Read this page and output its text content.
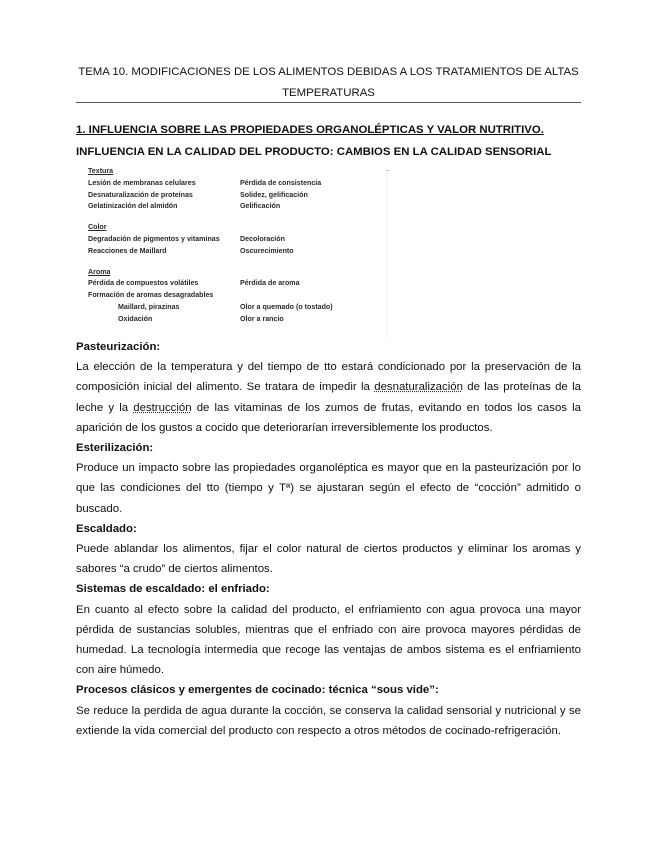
TEMA 10. MODIFICACIONES DE LOS ALIMENTOS DEBIDAS A LOS TRATAMIENTOS DE ALTAS TEMPERATURAS
1. INFLUENCIA SOBRE LAS PROPIEDADES ORGANOLÉPTICAS Y VALOR NUTRITIVO.
INFLUENCIA EN LA CALIDAD DEL PRODUCTO: CAMBIOS EN LA CALIDAD SENSORIAL
Textura
Lesión de membranas celulares	Pérdida de consistencia
Desnaturalización de proteínas	Solidez, gelificación
Gelatinización del almidón	Gelificación
Color
Degradación de pigmentos y vitaminas	Decoloración
Reacciones de Maillard	Oscurecimiento
Aroma
Pérdida de compuestos volátiles	Pérdida de aroma
Formación de aromas desagradables
Maillard, pirazinas	Olor a quemado (o tostado)
Oxidación	Olor a rancio
Pasteurización:

La elección de la temperatura y del tiempo de tto estará condicionado por la preservación de la composición inicial del alimento. Se tratara de impedir la desnaturalización de las proteínas de la leche y la destrucción de las vitaminas de los zumos de frutas, evitando en todos los casos la aparición de los gustos a cocido que deteriorarían irreversiblemente los productos.

Esterilización:

Produce un impacto sobre las propiedades organoléptica es mayor que en la pasteurización por lo que las condiciones del tto (tiempo y Tª) se ajustaran según el efecto de “cocción” admitido o buscado.

Escaldado:

Puede ablandar los alimentos, fijar el color natural de ciertos productos y eliminar los aromas y sabores “a crudo” de ciertos alimentos.

Sistemas de escaldado: el enfriado:

En cuanto al efecto sobre la calidad del producto, el enfriamiento con agua provoca una mayor pérdida de sustancias solubles, mientras que el enfriado con aire provoca mayores pérdidas de humedad. La tecnología intermedia que recoge las ventajas de ambos sistema es el enfriamiento con aire húmedo.

Procesos clásicos y emergentes de cocinado: técnica “sous vide”:

Se reduce la perdida de agua durante la cocción, se conserva la calidad sensorial y nutricional y se extiende la vida comercial del producto con respecto a otros métodos de cocinado-refrigeración.
